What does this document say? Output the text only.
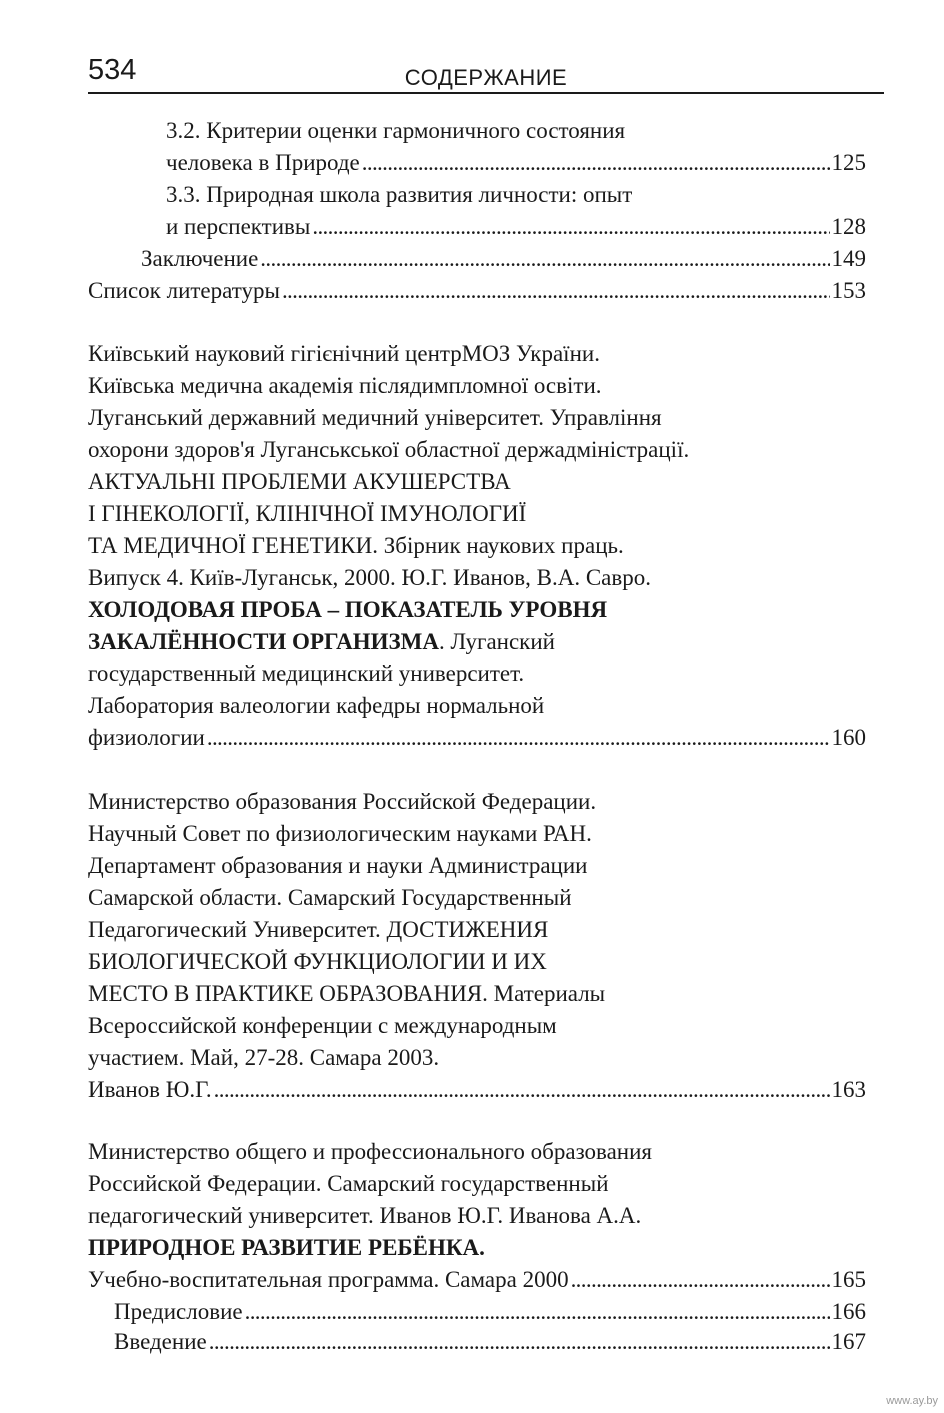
534	СОДЕРЖАНИЕ
3.2. Критерии оценки гармоничного состояния
человека в Природе . . .	125
3.3. Природная школа развития личности: опыт
и перспективы . . .	128
Заключение . . .	149
Список литературы . . .	153
Київський науковий гігієнічний центрМОЗ України.
Київська медична академія післядимпломної освіти.
Луганський державний медичний університет. Управління
охорони здоров'я Луганськської областної держадміністрації.
АКТУАЛЬНІ ПРОБЛЕМИ АКУШЕРСТВА
І ГІНЕКОЛОГІЇ, КЛІНІЧНОЇ ІМУНОЛОГИЇ
ТА МЕДИЧНОЇ ГЕНЕТИКИ. Збірник наукових праць.
Випуск 4. Київ-Луганськ, 2000. Ю.Г. Иванов, В.А. Савро.
ХОЛОДОВАЯ ПРОБА – ПОКАЗАТЕЛЬ УРОВНЯ
ЗАКАЛЁННОСТИ ОРГАНИЗМА. Луганский
государственный медицинский университет.
Лаборатория валеологии кафедры нормальной
физиологии . . .	160
Министерство образования Российской Федерации.
Научный Совет по физиологическим науками РАН.
Департамент образования и науки Администрации
Самарской области. Самарский Государственный
Педагогический Университет. ДОСТИЖЕНИЯ
БИОЛОГИЧЕСКОЙ ФУНКЦИОЛОГИИ И ИХ
МЕСТО В ПРАКТИКЕ ОБРАЗОВАНИЯ. Материалы
Всероссийской конференции с международным
участием. Май, 27-28. Самара 2003.
Иванов Ю.Г. . . .	163
Министерство общего и профессионального образования
Российской Федерации. Самарский государственный
педагогический университет. Иванов Ю.Г. Иванова А.А.
ПРИРОДНОЕ РАЗВИТИЕ РЕБЁНКА.
Учебно-воспитательная программа. Самара 2000 . . .	165
Предисловие . . .	166
Введение . . .	167
www.ay.by
